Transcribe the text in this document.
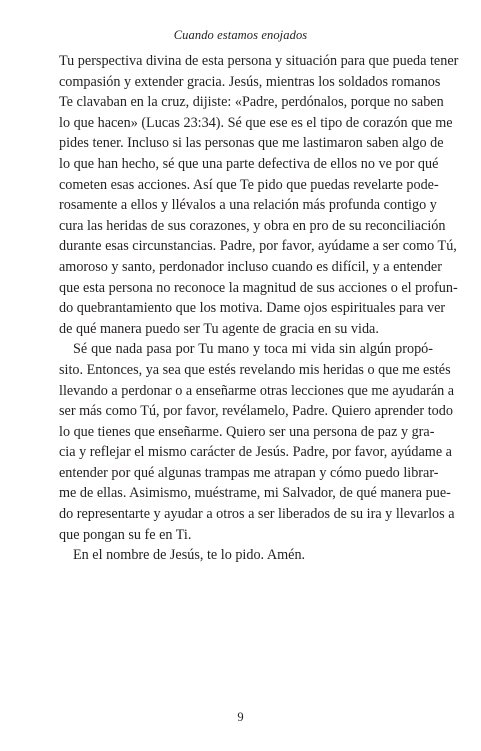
Cuando estamos enojados
Tu perspectiva divina de esta persona y situación para que pueda tener
compasión y extender gracia. Jesús, mientras los soldados romanos
Te clavaban en la cruz, dijiste: «Padre, perdónalos, porque no saben
lo que hacen» (Lucas 23:34). Sé que ese es el tipo de corazón que me
pides tener. Incluso si las personas que me lastimaron saben algo de
lo que han hecho, sé que una parte defectiva de ellos no ve por qué
cometen esas acciones. Así que Te pido que puedas revelarte pode-
rosamente a ellos y llévalos a una relación más profunda contigo y
cura las heridas de sus corazones, y obra en pro de su reconciliación
durante esas circunstancias. Padre, por favor, ayúdame a ser como Tú,
amoroso y santo, perdonador incluso cuando es difícil, y a entender
que esta persona no reconoce la magnitud de sus acciones o el profun-
do quebrantamiento que los motiva. Dame ojos espirituales para ver
de qué manera puedo ser Tu agente de gracia en su vida.
Sé que nada pasa por Tu mano y toca mi vida sin algún propó-
sito. Entonces, ya sea que estés revelando mis heridas o que me estés
llevando a perdonar o a enseñarme otras lecciones que me ayudarán a
ser más como Tú, por favor, revélamelo, Padre. Quiero aprender todo
lo que tienes que enseñarme. Quiero ser una persona de paz y gra-
cia y reflejar el mismo carácter de Jesús. Padre, por favor, ayúdame a
entender por qué algunas trampas me atrapan y cómo puedo librar-
me de ellas. Asimismo, muéstrame, mi Salvador, de qué manera pue-
do representarte y ayudar a otros a ser liberados de su ira y llevarlos a
que pongan su fe en Ti.
En el nombre de Jesús, te lo pido. Amén.
9
